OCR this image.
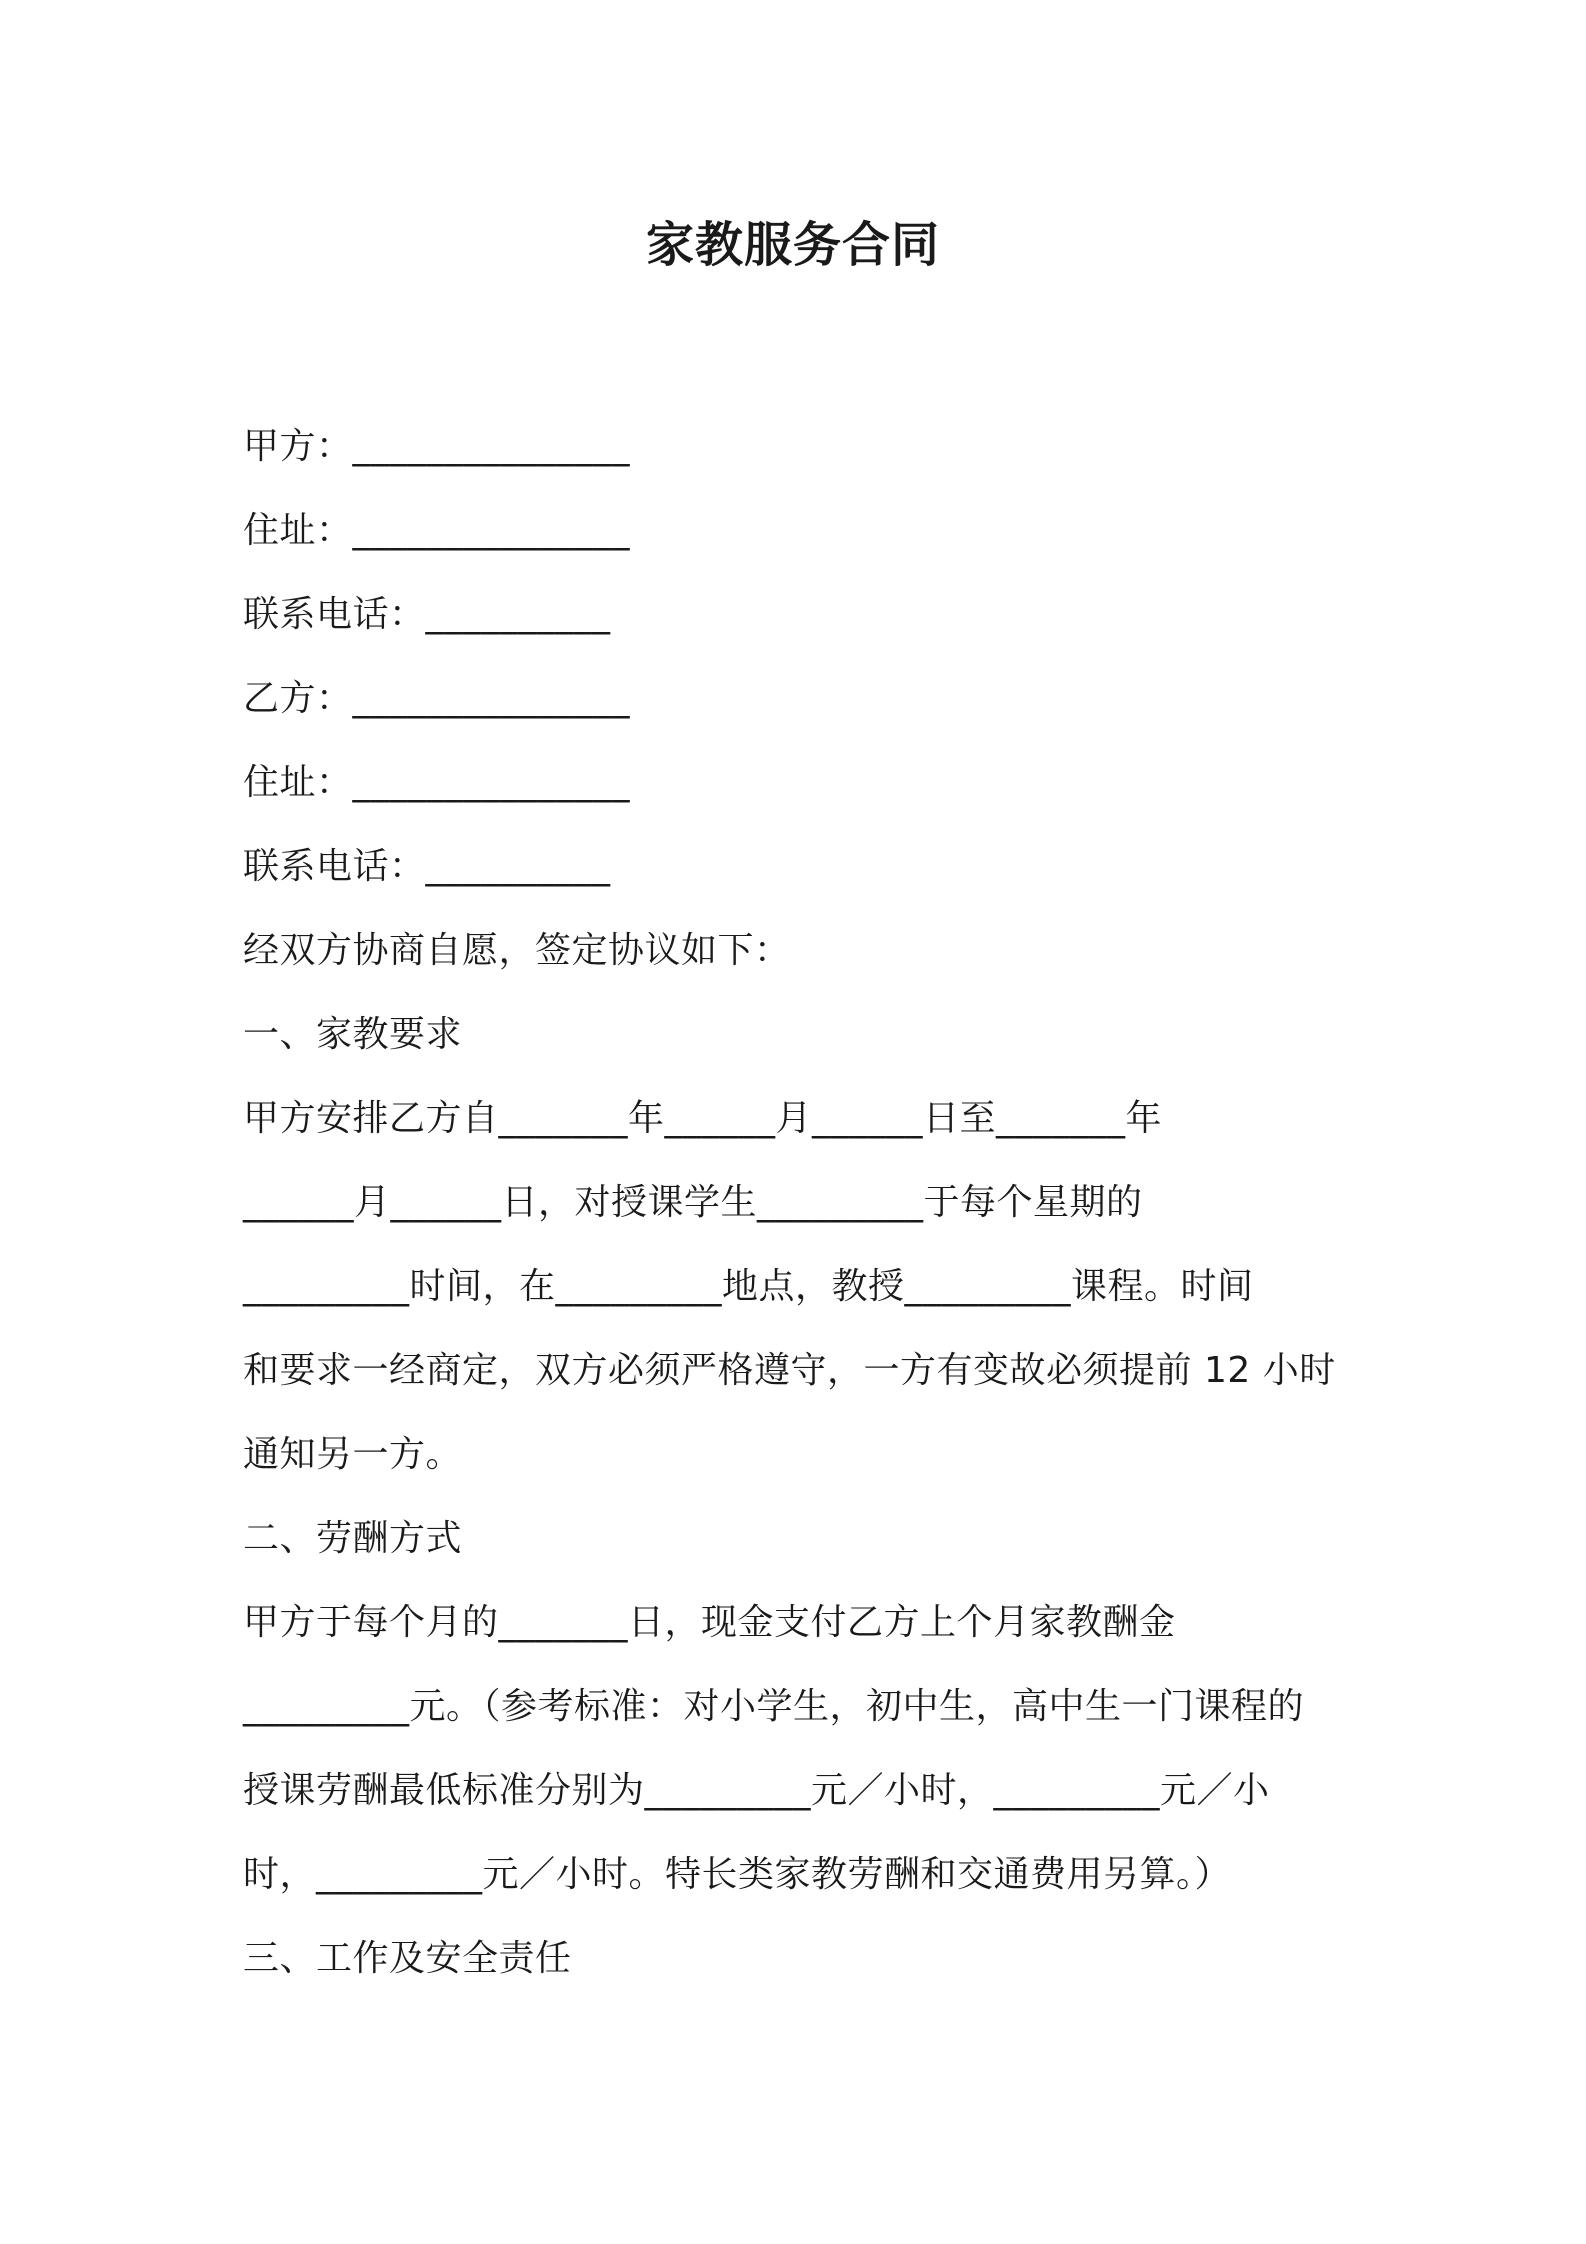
家教服务合同
甲方：_______________
住址：_______________
联系电话：__________
乙方：_______________
住址：_______________
联系电话：__________
经双方协商自愿，签定协议如下：
一、家教要求
甲方安排乙方自_______年______月______日至_______年
______月______日，对授课学生_________于每个星期的
_________时间，在_________地点，教授_________课程。时间
和要求一经商定，双方必须严格遵守，一方有变故必须提前 12 小时
通知另一方。
二、劳酬方式
甲方于每个月的_______日，现金支付乙方上个月家教酬金
_________元。（参考标准：对小学生，初中生，高中生一门课程的
授课劳酬最低标准分别为_________元／小时，_________元／小
时，_________元／小时。特长类家教劳酬和交通费用另算。）
三、工作及安全责任
